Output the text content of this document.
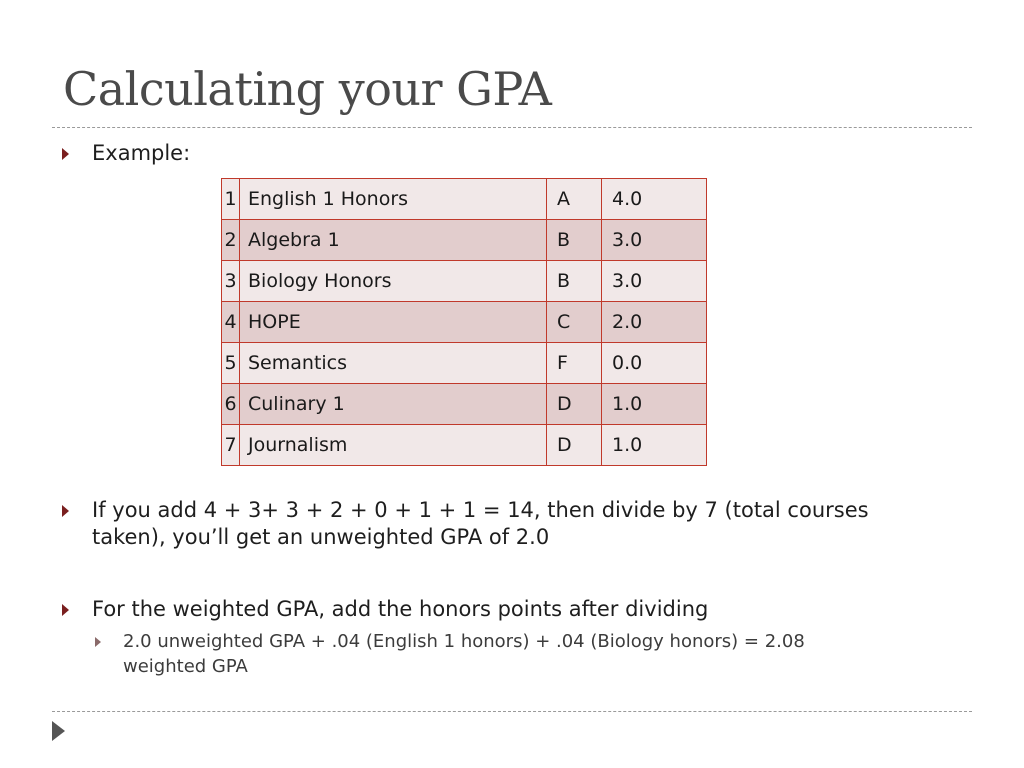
Calculating your GPA
Example:
1	English 1 Honors	A	4.0
2	Algebra 1	B	3.0
3	Biology Honors	B	3.0
4	HOPE	C	2.0
5	Semantics	F	0.0
6	Culinary 1	D	1.0
7	Journalism	D	1.0
If you add 4 + 3+ 3 + 2 + 0 + 1 + 1 = 14, then divide by 7 (total courses
taken), you’ll get an unweighted GPA of 2.0
For the weighted GPA, add the honors points after dividing
2.0 unweighted GPA + .04 (English 1 honors) + .04 (Biology honors) = 2.08
weighted GPA
